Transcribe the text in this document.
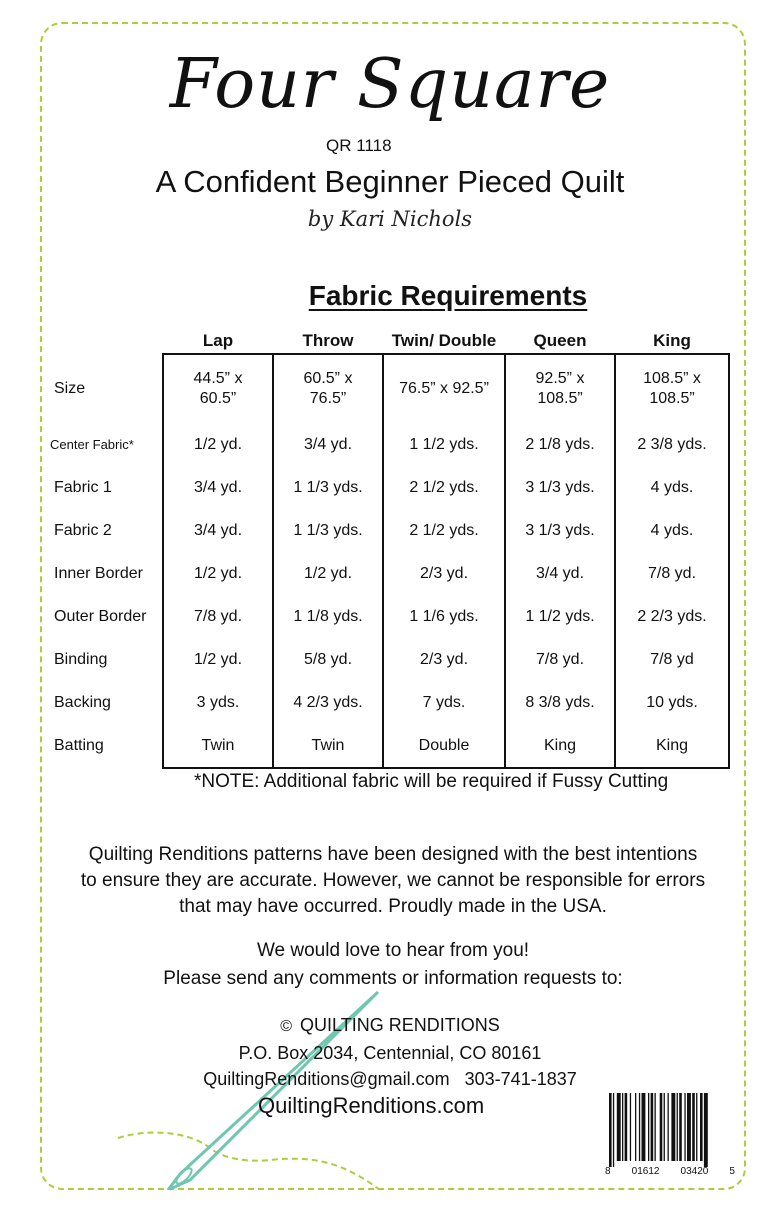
Four Square
QR 1118
A Confident Beginner Pieced Quilt
by Kari Nichols
Fabric Requirements
	Lap	Throw	Twin/ Double	Queen	King
Size	44.5” x 60.5”	60.5” x 76.5”	76.5” x 92.5”	92.5” x 108.5”	108.5” x 108.5”
Center Fabric*	1/2 yd.	3/4 yd.	1 1/2 yds.	2 1/8 yds.	2 3/8 yds.
Fabric 1	3/4 yd.	1 1/3 yds.	2 1/2 yds.	3 1/3 yds.	4 yds.
Fabric 2	3/4 yd.	1 1/3 yds.	2 1/2 yds.	3 1/3 yds.	4 yds.
Inner Border	1/2 yd.	1/2 yd.	2/3 yd.	3/4 yd.	7/8 yd.
Outer Border	7/8 yd.	1 1/8 yds.	1 1/6 yds.	1 1/2 yds.	2 2/3 yds.
Binding	1/2 yd.	5/8 yd.	2/3 yd.	7/8 yd.	7/8 yd
Backing	3 yds.	4 2/3 yds.	7 yds.	8 3/8 yds.	10 yds.
Batting	Twin	Twin	Double	King	King
*NOTE: Additional fabric will be required if Fussy Cutting
Quilting Renditions patterns have been designed with the best intentions
to ensure they are accurate. However, we cannot be responsible for errors
that may have occurred. Proudly made in the USA.
We would love to hear from you!
Please send any comments or information requests to:
© QUILTING RENDITIONS
P.O. Box 2034, Centennial, CO 80161
QuiltingRenditions@gmail.com 303-741-1837
QuiltingRenditions.com
8 01612 03420 5
